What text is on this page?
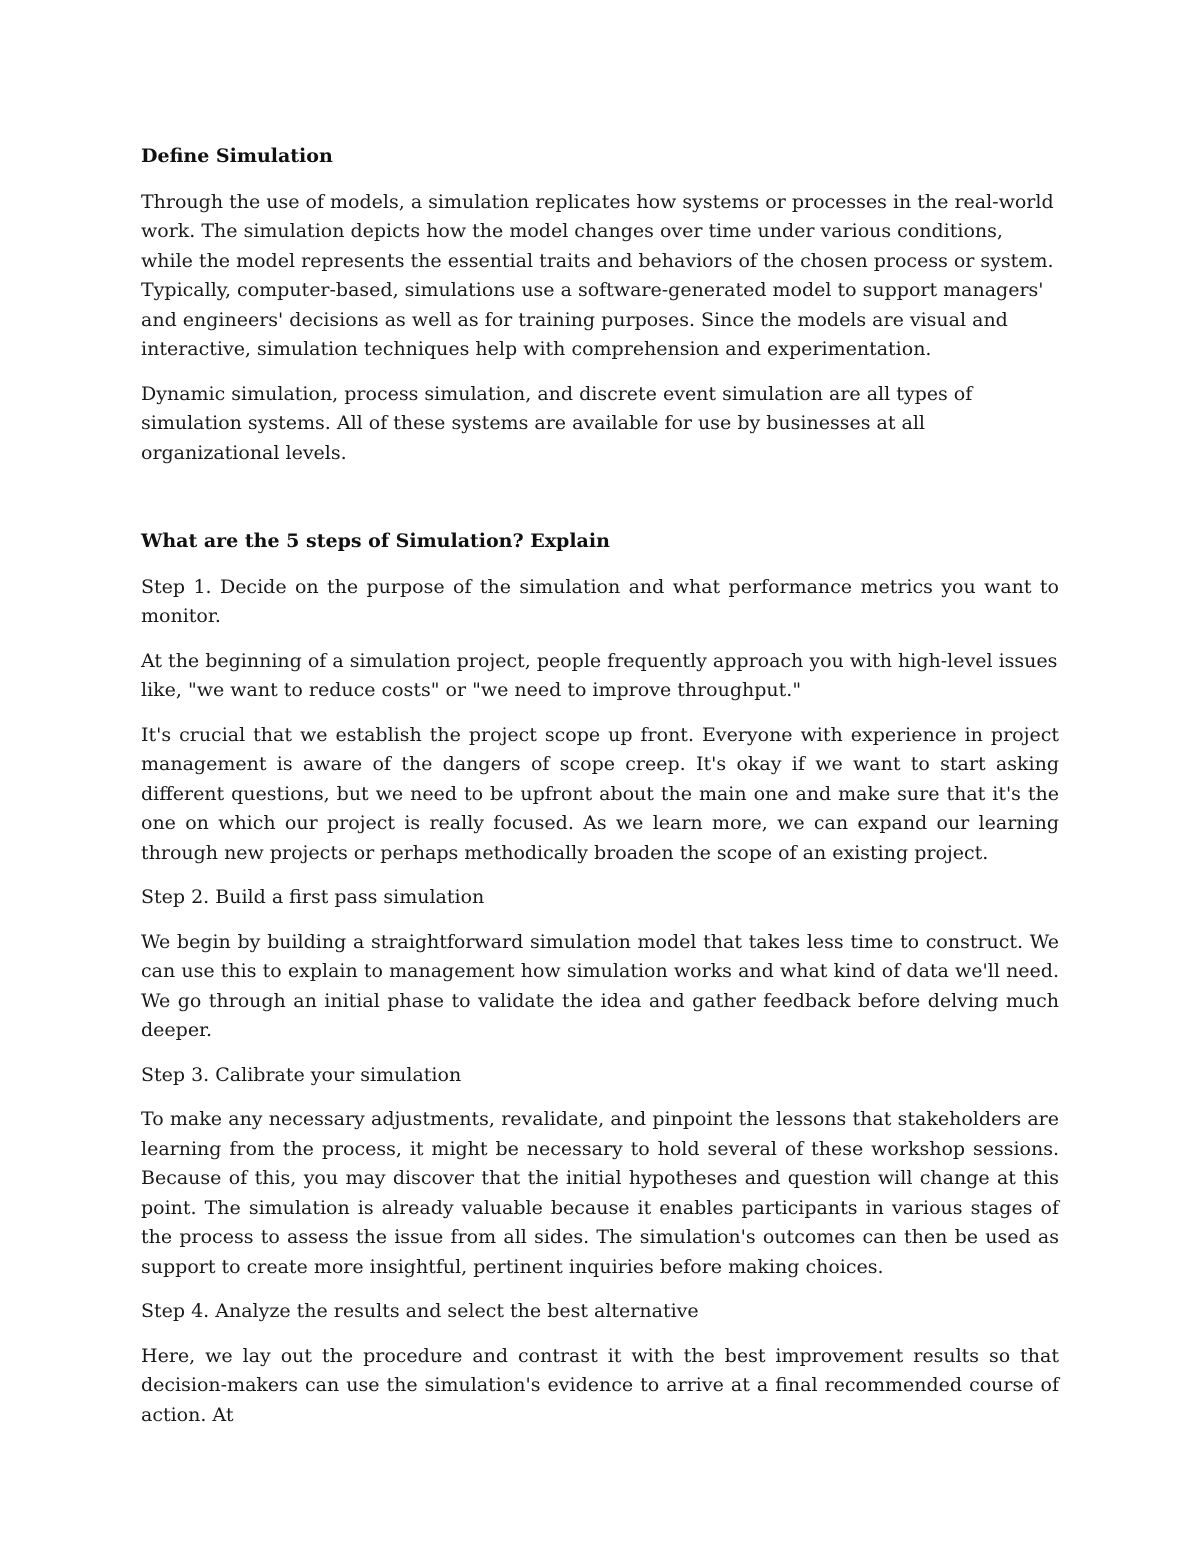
Define Simulation

Through the use of models, a simulation replicates how systems or processes in the real-world work. The simulation depicts how the model changes over time under various conditions, while the model represents the essential traits and behaviors of the chosen process or system. Typically, computer-based, simulations use a software-generated model to support managers' and engineers' decisions as well as for training purposes. Since the models are visual and interactive, simulation techniques help with comprehension and experimentation.

Dynamic simulation, process simulation, and discrete event simulation are all types of simulation systems. All of these systems are available for use by businesses at all organizational levels.

What are the 5 steps of Simulation? Explain

Step 1. Decide on the purpose of the simulation and what performance metrics you want to monitor.

At the beginning of a simulation project, people frequently approach you with high-level issues like, "we want to reduce costs" or "we need to improve throughput."

It's crucial that we establish the project scope up front. Everyone with experience in project management is aware of the dangers of scope creep. It's okay if we want to start asking different questions, but we need to be upfront about the main one and make sure that it's the one on which our project is really focused. As we learn more, we can expand our learning through new projects or perhaps methodically broaden the scope of an existing project.

Step 2. Build a first pass simulation

We begin by building a straightforward simulation model that takes less time to construct. We can use this to explain to management how simulation works and what kind of data we'll need. We go through an initial phase to validate the idea and gather feedback before delving much deeper.

Step 3. Calibrate your simulation

To make any necessary adjustments, revalidate, and pinpoint the lessons that stakeholders are learning from the process, it might be necessary to hold several of these workshop sessions. Because of this, you may discover that the initial hypotheses and question will change at this point. The simulation is already valuable because it enables participants in various stages of the process to assess the issue from all sides. The simulation's outcomes can then be used as support to create more insightful, pertinent inquiries before making choices.

Step 4. Analyze the results and select the best alternative

Here, we lay out the procedure and contrast it with the best improvement results so that decision-makers can use the simulation's evidence to arrive at a final recommended course of action. At
